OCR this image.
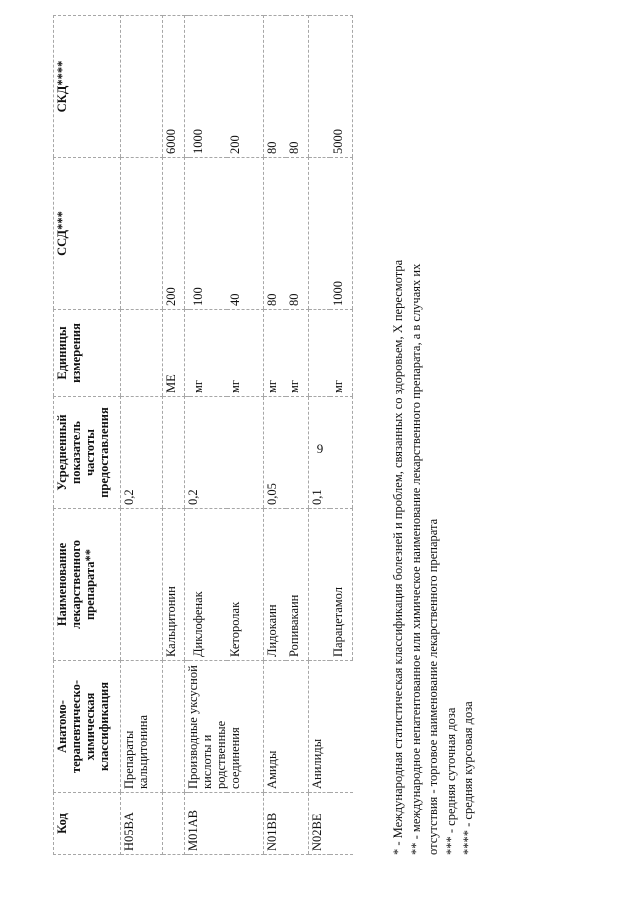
9
Код	Анатомо-терапевтическо-химическая классификация	Наименование лекарственного препарата**	Усредненный показатель частоты предоставления	Единицы измерения	ССД***	СКД****
H05BA	Препараты кальцитонина		0,2			
		Кальцитонин		МЕ	200	6000
M01AB	Производные уксусной кислоты и родственные соединения		0,2			
		Диклофенак		мг	100	1000
		Кеторолак		мг	40	200
N01BB	Амиды	Лидокаин	0,05	мг	80	80
		Ропивакаин		мг	80	80
N02BE	Анилиды		0,1			
		Парацетамол		мг	1000	5000
* - Международная статистическая классификация болезней и проблем, связанных со здоровьем, X пересмотра ** - международное непатентованное или химическое наименование лекарственного препарата, а в случаях их отсутствия - торговое наименование лекарственного препарата *** - средняя суточная доза **** - средняя курсовая доза
